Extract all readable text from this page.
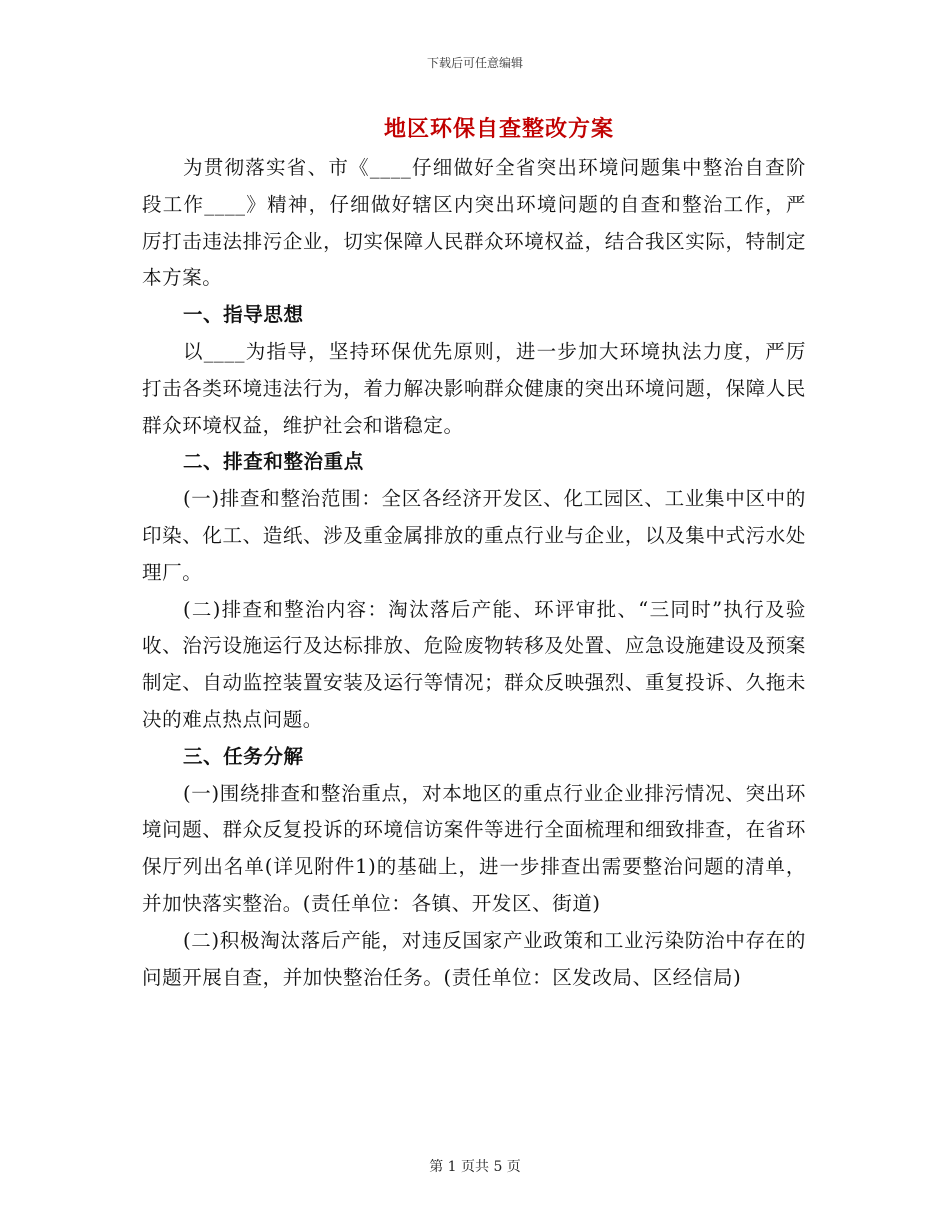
下载后可任意编辑
地区环保自查整改方案

为贯彻落实省、市《____仔细做好全省突出环境问题集中整治自查阶段工作____》精神，仔细做好辖区内突出环境问题的自查和整治工作，严厉打击违法排污企业，切实保障人民群众环境权益，结合我区实际，特制定本方案。

一、指导思想

以____为指导，坚持环保优先原则，进一步加大环境执法力度，严厉打击各类环境违法行为，着力解决影响群众健康的突出环境问题，保障人民群众环境权益，维护社会和谐稳定。

二、排查和整治重点

(一)排查和整治范围：全区各经济开发区、化工园区、工业集中区中的印染、化工、造纸、涉及重金属排放的重点行业与企业，以及集中式污水处理厂。

(二)排查和整治内容：淘汰落后产能、环评审批、“三同时”执行及验收、治污设施运行及达标排放、危险废物转移及处置、应急设施建设及预案制定、自动监控装置安装及运行等情况；群众反映强烈、重复投诉、久拖未决的难点热点问题。

三、任务分解

(一)围绕排查和整治重点，对本地区的重点行业企业排污情况、突出环境问题、群众反复投诉的环境信访案件等进行全面梳理和细致排查，在省环保厅列出名单(详见附件1)的基础上，进一步排查出需要整治问题的清单，并加快落实整治。(责任单位：各镇、开发区、街道)

(二)积极淘汰落后产能，对违反国家产业政策和工业污染防治中存在的问题开展自查，并加快整治任务。(责任单位：区发改局、区经信局)

第 1 页共 5 页
